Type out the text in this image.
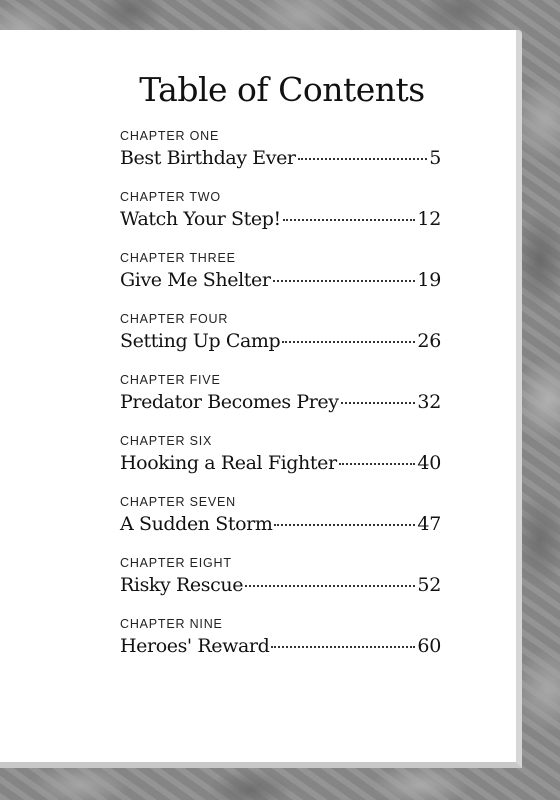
Table of Contents
CHAPTER ONE
Best Birthday Ever	5
CHAPTER TWO
Watch Your Step!	12
CHAPTER THREE
Give Me Shelter	19
CHAPTER FOUR
Setting Up Camp	26
CHAPTER FIVE
Predator Becomes Prey	32
CHAPTER SIX
Hooking a Real Fighter	40
CHAPTER SEVEN
A Sudden Storm	47
CHAPTER EIGHT
Risky Rescue	52
CHAPTER NINE
Heroes' Reward	60
